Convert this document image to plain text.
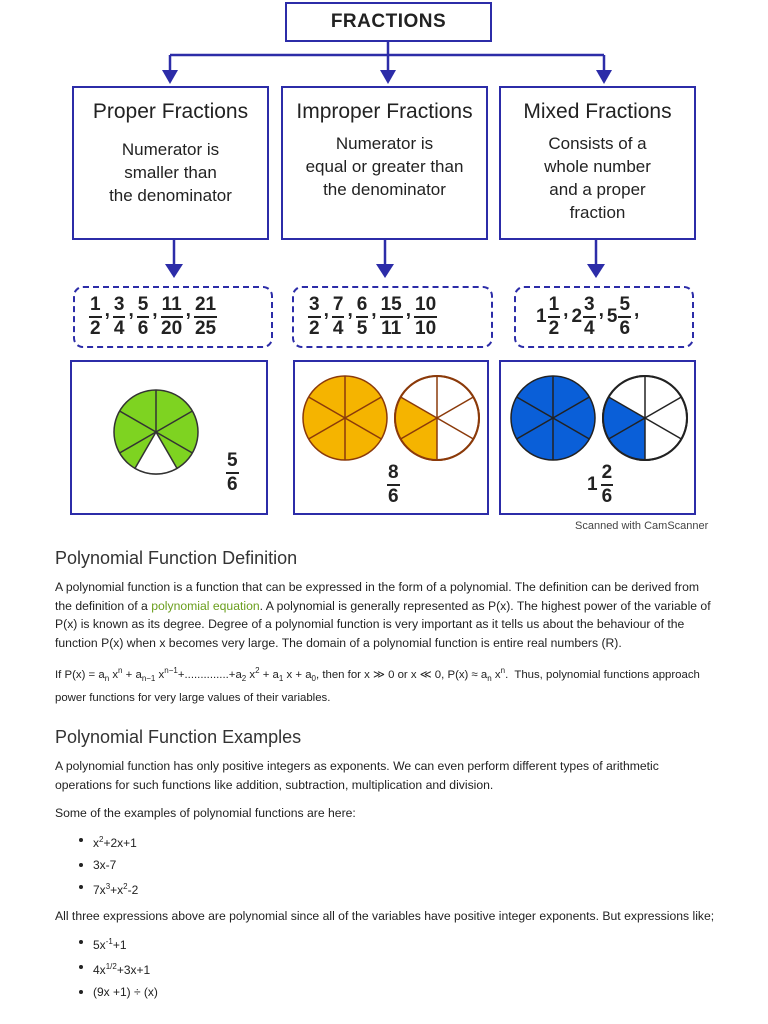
FRACTIONS
Proper Fractions
Numerator is
smaller than
the denominator
Improper Fractions
Numerator is
equal or greater than
the denominator
Mixed Fractions
Consists of a
whole number
and a proper
fraction
$\frac{1}{2}$ , $\frac{3}{4}$ , $\frac{5}{6}$ , $\frac{11}{20}$ , $\frac{21}{25}$	$\frac{3}{2}$ , $\frac{7}{4}$ , $\frac{6}{5}$ , $\frac{15}{11}$ , $\frac{10}{10}$	$1 \frac{1}{2}$ , $2 \frac{3}{4}$ , $5 \frac{5}{6}$ ,
$\frac{5}{6}$	$\frac{8}{6}$	$1 \frac{2}{6}$
Scanned with CamScanner
Polynomial Function Definition

A polynomial function is a function that can be expressed in the form of a polynomial. The definition can be derived from the definition of a polynomial equation. A polynomial is generally represented as P(x). The highest power of the variable of P(x) is known as its degree. Degree of a polynomial function is very important as it tells us about the behaviour of the function P(x) when x becomes very large. The domain of a polynomial function is entire real numbers (R).

If $P(x) = a_n$ $x^n + a_{n-1}$ $x^{n-1}+..............+a_2$ $x^2 + a_1$ $x + a_0$, then for x ≫ 0 or x ≪ 0, $P(x) \approx a_n$ $x^n$.  Thus, polynomial functions approach power functions for very large values of their variables.

Polynomial Function Examples

A polynomial function has only positive integers as exponents. We can even perform different types of arithmetic operations for such functions like addition, subtraction, multiplication and division.

Some of the examples of polynomial functions are here:

$x^2+2x+1$
3x-7
$7x^3+x^2-2$

All three expressions above are polynomial since all of the variables have positive integer exponents. But expressions like;

$5x^{-1}+1$
$4x^{1/2}+3x+1$
(9x +1) ÷ (x)
